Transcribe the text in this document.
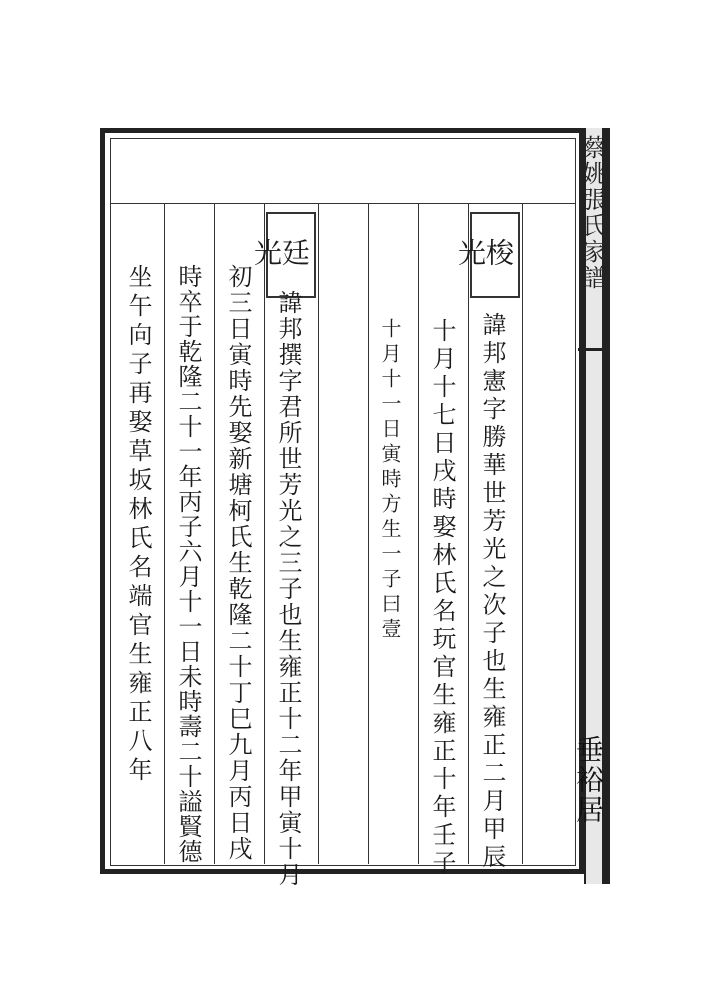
蔡姚張氏家譜
垂裕居
梭光
諱邦憲字勝華世芳光之次子也生雍正二月甲辰
十月十七日戌時娶林氏名玩官生雍正十年壬子
十月十一日寅時方生一子曰壹
廷光
諱邦撰字君所世芳光之三子也生雍正十二年甲寅十月
初三日寅時先娶新塘柯氏生乾隆二十丁巳九月丙日戌
時卒于乾隆二十一年丙子六月十一日未時壽二十謚賢德
坐午向子再娶草坂林氏名端官生雍正八年
